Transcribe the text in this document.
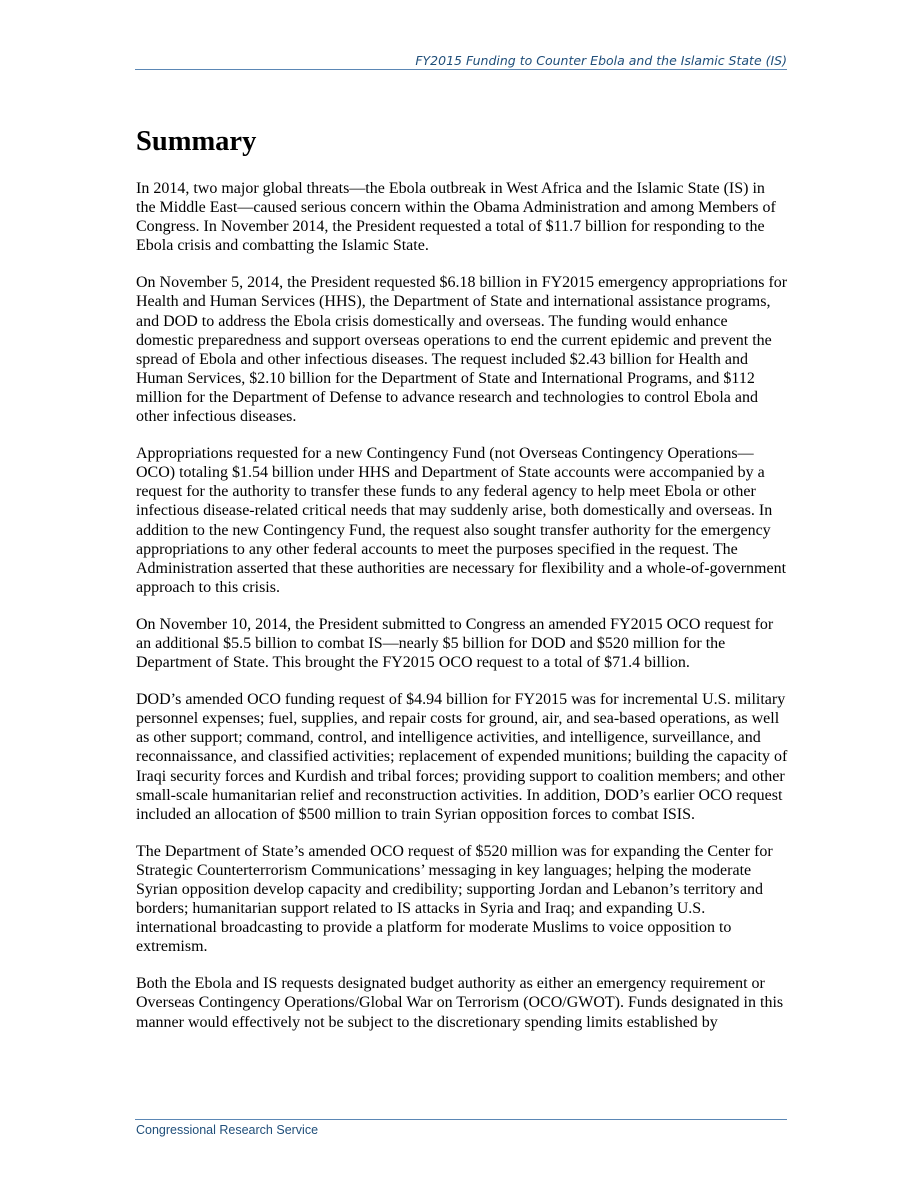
FY2015 Funding to Counter Ebola and the Islamic State (IS)
Summary

In 2014, two major global threats—the Ebola outbreak in West Africa and the Islamic State (IS) in the Middle East—caused serious concern within the Obama Administration and among Members of Congress. In November 2014, the President requested a total of $11.7 billion for responding to the Ebola crisis and combatting the Islamic State.

On November 5, 2014, the President requested $6.18 billion in FY2015 emergency appropriations for Health and Human Services (HHS), the Department of State and international assistance programs, and DOD to address the Ebola crisis domestically and overseas. The funding would enhance domestic preparedness and support overseas operations to end the current epidemic and prevent the spread of Ebola and other infectious diseases. The request included $2.43 billion for Health and Human Services, $2.10 billion for the Department of State and International Programs, and $112 million for the Department of Defense to advance research and technologies to control Ebola and other infectious diseases.

Appropriations requested for a new Contingency Fund (not Overseas Contingency Operations—OCO) totaling $1.54 billion under HHS and Department of State accounts were accompanied by a request for the authority to transfer these funds to any federal agency to help meet Ebola or other infectious disease-related critical needs that may suddenly arise, both domestically and overseas. In addition to the new Contingency Fund, the request also sought transfer authority for the emergency appropriations to any other federal accounts to meet the purposes specified in the request. The Administration asserted that these authorities are necessary for flexibility and a whole-of-government approach to this crisis.

On November 10, 2014, the President submitted to Congress an amended FY2015 OCO request for an additional $5.5 billion to combat IS—nearly $5 billion for DOD and $520 million for the Department of State. This brought the FY2015 OCO request to a total of $71.4 billion.

DOD’s amended OCO funding request of $4.94 billion for FY2015 was for incremental U.S. military personnel expenses; fuel, supplies, and repair costs for ground, air, and sea-based operations, as well as other support; command, control, and intelligence activities, and intelligence, surveillance, and reconnaissance, and classified activities; replacement of expended munitions; building the capacity of Iraqi security forces and Kurdish and tribal forces; providing support to coalition members; and other small-scale humanitarian relief and reconstruction activities. In addition, DOD’s earlier OCO request included an allocation of $500 million to train Syrian opposition forces to combat ISIS.

The Department of State’s amended OCO request of $520 million was for expanding the Center for Strategic Counterterrorism Communications’ messaging in key languages; helping the moderate Syrian opposition develop capacity and credibility; supporting Jordan and Lebanon’s territory and borders; humanitarian support related to IS attacks in Syria and Iraq; and expanding U.S. international broadcasting to provide a platform for moderate Muslims to voice opposition to extremism.

Both the Ebola and IS requests designated budget authority as either an emergency requirement or Overseas Contingency Operations/Global War on Terrorism (OCO/GWOT). Funds designated in this manner would effectively not be subject to the discretionary spending limits established by

Congressional Research Service
